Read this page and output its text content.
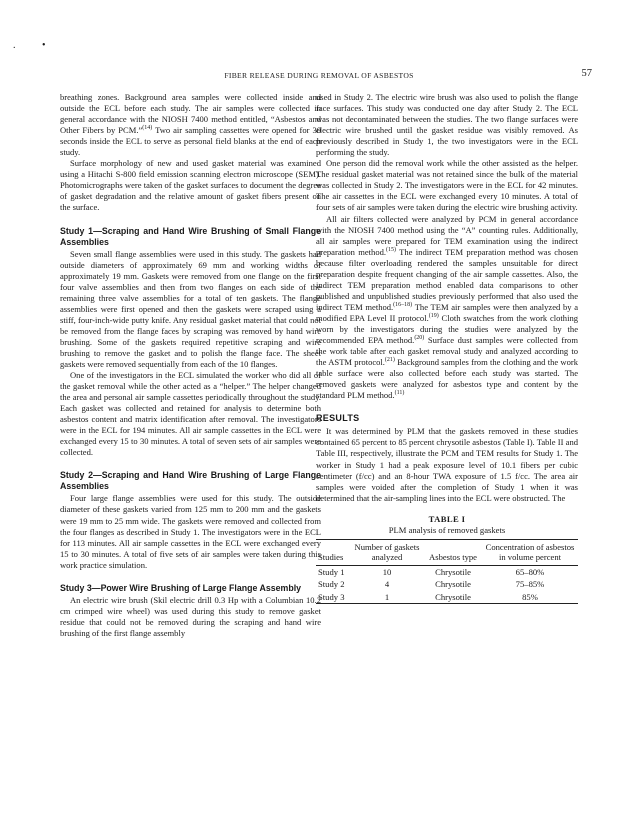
.	•
FIBER RELEASE DURING REMOVAL OF ASBESTOS	57

breathing zones. Background area samples were collected inside and outside the ECL before each study. The air samples were collected in general accordance with the NIOSH 7400 method entitled, “Asbestos and Other Fibers by PCM.”$^{(14)}$ Two air sampling cassettes were opened for 30 seconds inside the ECL to serve as personal field blanks at the end of each study.

Surface morphology of new and used gasket material was examined using a Hitachi S-800 field emission scanning electron microscope (SEM). Photomicrographs were taken of the gasket surfaces to document the degree of gasket degradation and the relative amount of gasket fibers present on the surface.

Study 1—Scraping and Hand Wire Brushing of Small Flange Assemblies

Seven small flange assemblies were used in this study. The gaskets had outside diameters of approximately 69 mm and working widths of approximately 19 mm. Gaskets were removed from one flange on the first four valve assemblies and then from two flanges on each side of the remaining three valve assemblies for a total of ten gaskets. The flange assemblies were first opened and then the gaskets were scraped using a stiff, four-inch-wide putty knife. Any residual gasket material that could not be removed from the flange faces by scraping was removed by hand wire brushing. Some of the gaskets required repetitive scraping and wire brushing to remove the gasket and to polish the flange face. The sheet gaskets were removed sequentially from each of the 10 flanges.

One of the investigators in the ECL simulated the worker who did all of the gasket removal while the other acted as a “helper.” The helper changed the area and personal air sample cassettes periodically throughout the study. Each gasket was collected and retained for analysis to determine both asbestos content and matrix identification after removal. The investigators were in the ECL for 194 minutes. All air sample cassettes in the ECL were exchanged every 15 to 30 minutes. A total of seven sets of air samples were collected.

Study 2—Scraping and Hand Wire Brushing of Large Flange Assemblies

Four large flange assemblies were used for this study. The outside diameter of these gaskets varied from 125 mm to 200 mm and the gaskets were 19 mm to 25 mm wide. The gaskets were removed and collected from the four flanges as described in Study 1. The investigators were in the ECL for 113 minutes. All air sample cassettes in the ECL were exchanged every 15 to 30 minutes. A total of five sets of air samples were taken during this work practice simulation.

Study 3—Power Wire Brushing of Large Flange Assembly

An electric wire brush (Skil electric drill 0.3 Hp with a Columbian 10.2 cm crimped wire wheel) was used during this study to remove gasket residue that could not be removed during the scraping and hand wire brushing of the first flange assembly

used in Study 2. The electric wire brush was also used to polish the flange face surfaces. This study was conducted one day after Study 2. The ECL was not decontaminated between the studies. The two flange surfaces were electric wire brushed until the gasket residue was visibly removed. As previously described in Study 1, the two investigators were in the ECL performing the study.

One person did the removal work while the other assisted as the helper. The residual gasket material was not retained since the bulk of the material was collected in Study 2. The investigators were in the ECL for 42 minutes. The air cassettes in the ECL were exchanged every 10 minutes. A total of four sets of air samples were taken during the electric wire brushing activity.

All air filters collected were analyzed by PCM in general accordance with the NIOSH 7400 method using the “A” counting rules. Additionally, all air samples were prepared for TEM examination using the indirect preparation method.$^{(15)}$ The indirect TEM preparation method was chosen because filter overloading rendered the samples unsuitable for direct preparation despite frequent changing of the air sample cassettes. Also, the indirect TEM preparation method enabled data comparisons to other published and unpublished studies previously performed that also used the indirect TEM method.$^{(16-18)}$ The TEM air samples were then analyzed by a modified EPA Level II protocol.$^{(19)}$ Cloth swatches from the work clothing worn by the investigators during the studies were analyzed by the recommended EPA method.$^{(20)}$ Surface dust samples were collected from the work table after each gasket removal study and analyzed according to the ASTM protocol.$^{(21)}$ Background samples from the clothing and the work table surface were also collected before each study was started. The removed gaskets were analyzed for asbestos type and content by the standard PLM method.$^{(11)}$

RESULTS

It was determined by PLM that the gaskets removed in these studies contained 65 percent to 85 percent chrysotile asbestos (Table I). Table II and Table III, respectively, illustrate the PCM and TEM results for Study 1. The worker in Study 1 had a peak exposure level of 10.1 fibers per cubic centimeter (f/cc) and an 8-hour TWA exposure of 1.5 f/cc. The area air samples were voided after the completion of Study 1 when it was determined that the air-sampling lines into the ECL were obstructed. The

TABLE I
PLM analysis of removed gaskets
Studies	Number of gaskets analyzed	Asbestos type	Concentration of asbestos in volume percent
Study 1	10	Chrysotile	65–80%
Study 2	4	Chrysotile	75–85%
Study 3	1	Chrysotile	85%
